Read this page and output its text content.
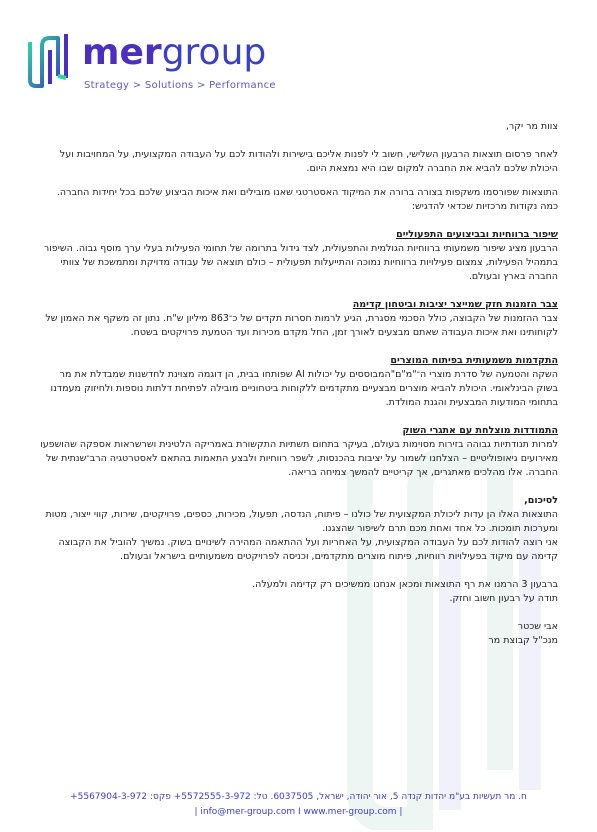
mergroup
Strategy > Solutions > Performance

צוות מר יקר,

לאחר פרסום תוצאות הרבעון השלישי, חשוב לי לפנות אליכם בישירות ולהודות לכם על העבודה המקצועית, על המחויבות ועל היכולת שלכם להביא את החברה למקום שבו היא נמצאת היום.

התוצאות שפורסמו משקפות בצורה ברורה את המיקוד האסטרטגי שאנו מובילים ואת איכות הביצוע שלכם בכל יחידות החברה. כמה נקודות מרכזיות שכדאי להדגיש:

שיפור ברווחיות ובביצועים התפעוליים

הרבעון מציג שיפור משמעותי ברווחיות הגולמית והתפעולית, לצד גידול בתרומה של תחומי הפעילות בעלי ערך מוסף גבוה. השיפור בתמהיל הפעילות, צמצום פעילויות ברווחיות נמוכה והתייעלות תפעולית – כולם תוצאה של עבודה מדויקת ומתמשכת של צוותי החברה בארץ ובעולם.

צבר הזמנות חזק שמייצר יציבות וביטחון קדימה

צבר ההזמנות של הקבוצה, כולל הסכמי מסגרת, הגיע לרמות חסרות תקדים של כ־863 מיליון ש"ח. נתון זה משקף את האמון של לקוחותינו ואת איכות העבודה שאתם מבצעים לאורך זמן, החל מקדם מכירות ועד הטמעת פרויקטים בשטח.

התקדמות משמעותית בפיתוח המוצרים

השקה והטמעה של סדרת מוצרי ה־"מ"ם"המבוססים על יכולות AI שפותחו בבית, הן דוגמה מצוינת לחדשנות שמבדלת את מר בשוק הבינלאומי. היכולת להביא מוצרים מבצעיים מתקדמים ללקוחות ביטחוניים מובילה לפתיחת דלתות נוספות ולחיזוק מעמדנו בתחומי המודעות המבצעית והגנת המולדת.

התמודדות מוצלחת עם אתגרי השוק

למרות תנודתיות גבוהה בזירות מסוימות בעולם, בעיקר בתחום תשתיות התקשורת באמריקה הלטינית ושרשראות אספקה שהושפעו מאירועים גיאופוליטיים – הצלחנו לשמור על יציבות בהכנסות, לשפר רווחיות ולבצע התאמות בהתאם לאסטרטגיה הרב־שנתית של החברה. אלו מהלכים מאתגרים, אך קריטיים להמשך צמיחה בריאה.

לסיכום,

התוצאות האלו הן עדות ליכולת המקצועית של כולנו – פיתוח, הנדסה, תפעול, מכירות, כספים, פרויקטים, שירות, קווי ייצור, מטות ומערכות תומכות. כל אחד ואחת מכם תרם לשיפור שהצגנו.

אני רוצה להודות לכם על העבודה המקצועית, על האחריות ועל ההתאמה המהירה לשינויים בשוק. נמשיך להוביל את הקבוצה קדימה עם מיקוד בפעילויות רווחיות, פיתוח מוצרים מתקדמים, וכניסה לפרויקטים משמעותיים בישראל ובעולם.

ברבעון 3 הרמנו את רף התוצאות ומכאן אנחנו ממשיכים רק קדימה ולמעלה.

תודה על רבעון חשוב וחזק.

אבי שכטר

מנכ"ל קבוצת מר

ח. מר תעשיות בע"מ יהדות קנדה 5, אור יהודה, ישראל, 6037505. טל: 5572555-3-972+ פקס: 5567904-3-972+
| info@mer-group.com I www.mer-group.com |
